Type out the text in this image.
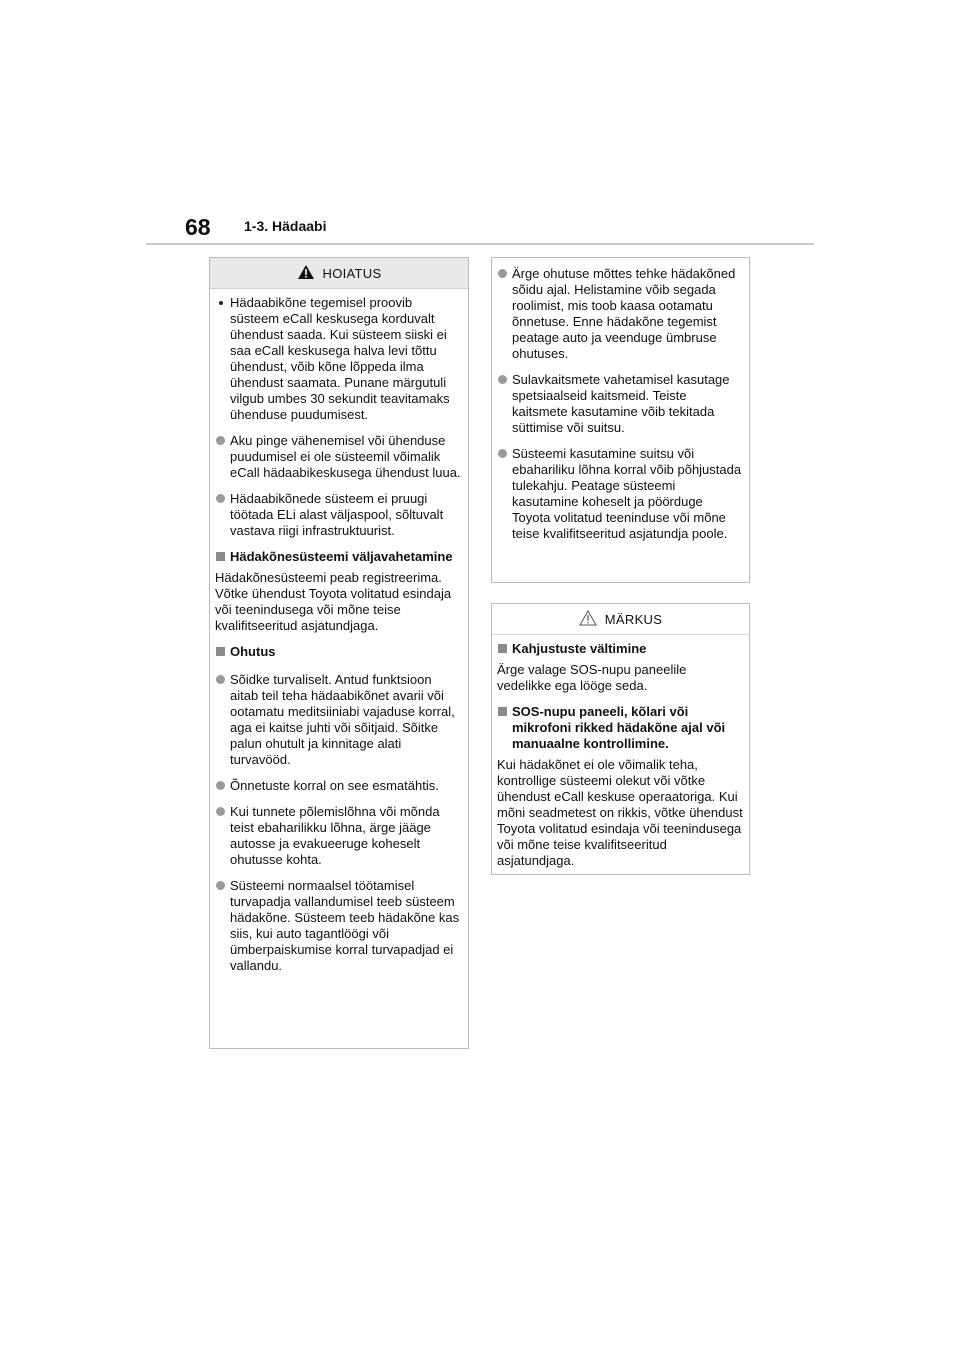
68 1-3. Hädaabi
HOIATUS

Hädaabikõne tegemisel proovib süsteem eCall keskusega korduvalt ühendust saada. Kui süsteem siiski ei saa eCall keskusega halva levi tõttu ühendust, võib kõne lõppeda ilma ühendust saamata. Punane märgutuli vilgub umbes 30 sekundit teavitamaks ühenduse puudumisest.

Aku pinge vähenemisel või ühenduse puudumisel ei ole süsteemil võimalik eCall hädaabikeskusega ühendust luua.

Hädaabikõnede süsteem ei pruugi töötada ELi alast väljaspool, sõltuvalt vastava riigi infrastruktuurist.

Hädakõnesüsteemi väljavahetamine

Hädakõnesüsteemi peab registreerima. Võtke ühendust Toyota volitatud esindaja või teenindusega või mõne teise kvalifitseeritud asjatundjaga.

Ohutus

Sõidke turvaliselt. Antud funktsioon aitab teil teha hädaabikõnet avarii või ootamatu meditsiiniabi vajaduse korral, aga ei kaitse juhti või sõitjaid. Sõitke palun ohutult ja kinnitage alati turvavööd.

Õnnetuste korral on see esmatähtis.

Kui tunnete põlemislõhna või mõnda teist ebaharilikku lõhna, ärge jääge autosse ja evakueeruge koheselt ohutusse kohta.

Süsteemi normaalsel töötamisel turvapadja vallandumisel teeb süsteem hädakõne. Süsteem teeb hädakõne kas siis, kui auto tagantlöögi või ümberpaiskumise korral turvapadjad ei vallandu.

Ärge ohutuse mõttes tehke hädakõned sõidu ajal. Helistamine võib segada roolimist, mis toob kaasa ootamatu õnnetuse. Enne hädakõne tegemist peatage auto ja veenduge ümbruse ohutuses.

Sulavkaitsmete vahetamisel kasutage spetsiaalseid kaitsmeid. Teiste kaitsmete kasutamine võib tekitada süttimise või suitsu.

Süsteemi kasutamine suitsu või ebahariliku lõhna korral võib põhjustada tulekahju. Peatage süsteemi kasutamine koheselt ja pöörduge Toyota volitatud teeninduse või mõne teise kvalifitseeritud asjatundja poole.

MÄRKUS

Kahjustuste vältimine

Ärge valage SOS-nupu paneelile vedelikke ega lööge seda.

SOS-nupu paneeli, kõlari või mikrofoni rikked hädakõne ajal või manuaalne kontrollimine.

Kui hädakõnet ei ole võimalik teha, kontrollige süsteemi olekut või võtke ühendust eCall keskuse operaatoriga. Kui mõni seadmetest on rikkis, võtke ühendust Toyota volitatud esindaja või teenindusega või mõne teise kvalifitseeritud asjatundjaga.
